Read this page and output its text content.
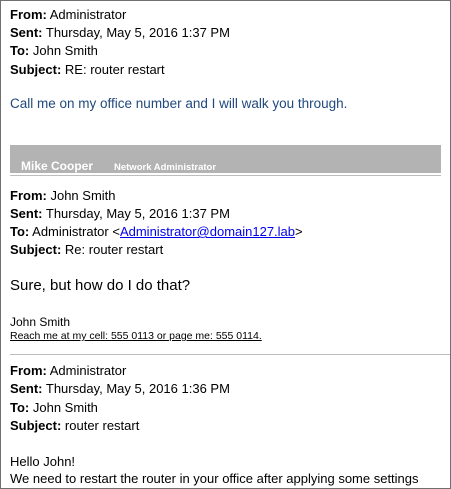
From: Administrator
Sent: Thursday, May 5, 2016 1:37 PM
To: John Smith
Subject: RE: router restart
Call me on my office number and I will walk you through.
Mike Cooper Network Administrator
From: John Smith
Sent: Thursday, May 5, 2016 1:37 PM
To: Administrator <Administrator@domain127.lab>
Subject: Re: router restart
Sure, but how do I do that?
John Smith
Reach me at my cell: 555 0113 or page me: 555 0114.
From: Administrator
Sent: Thursday, May 5, 2016 1:36 PM
To: John Smith
Subject: router restart
Hello John!
We need to restart the router in your office after applying some settings
